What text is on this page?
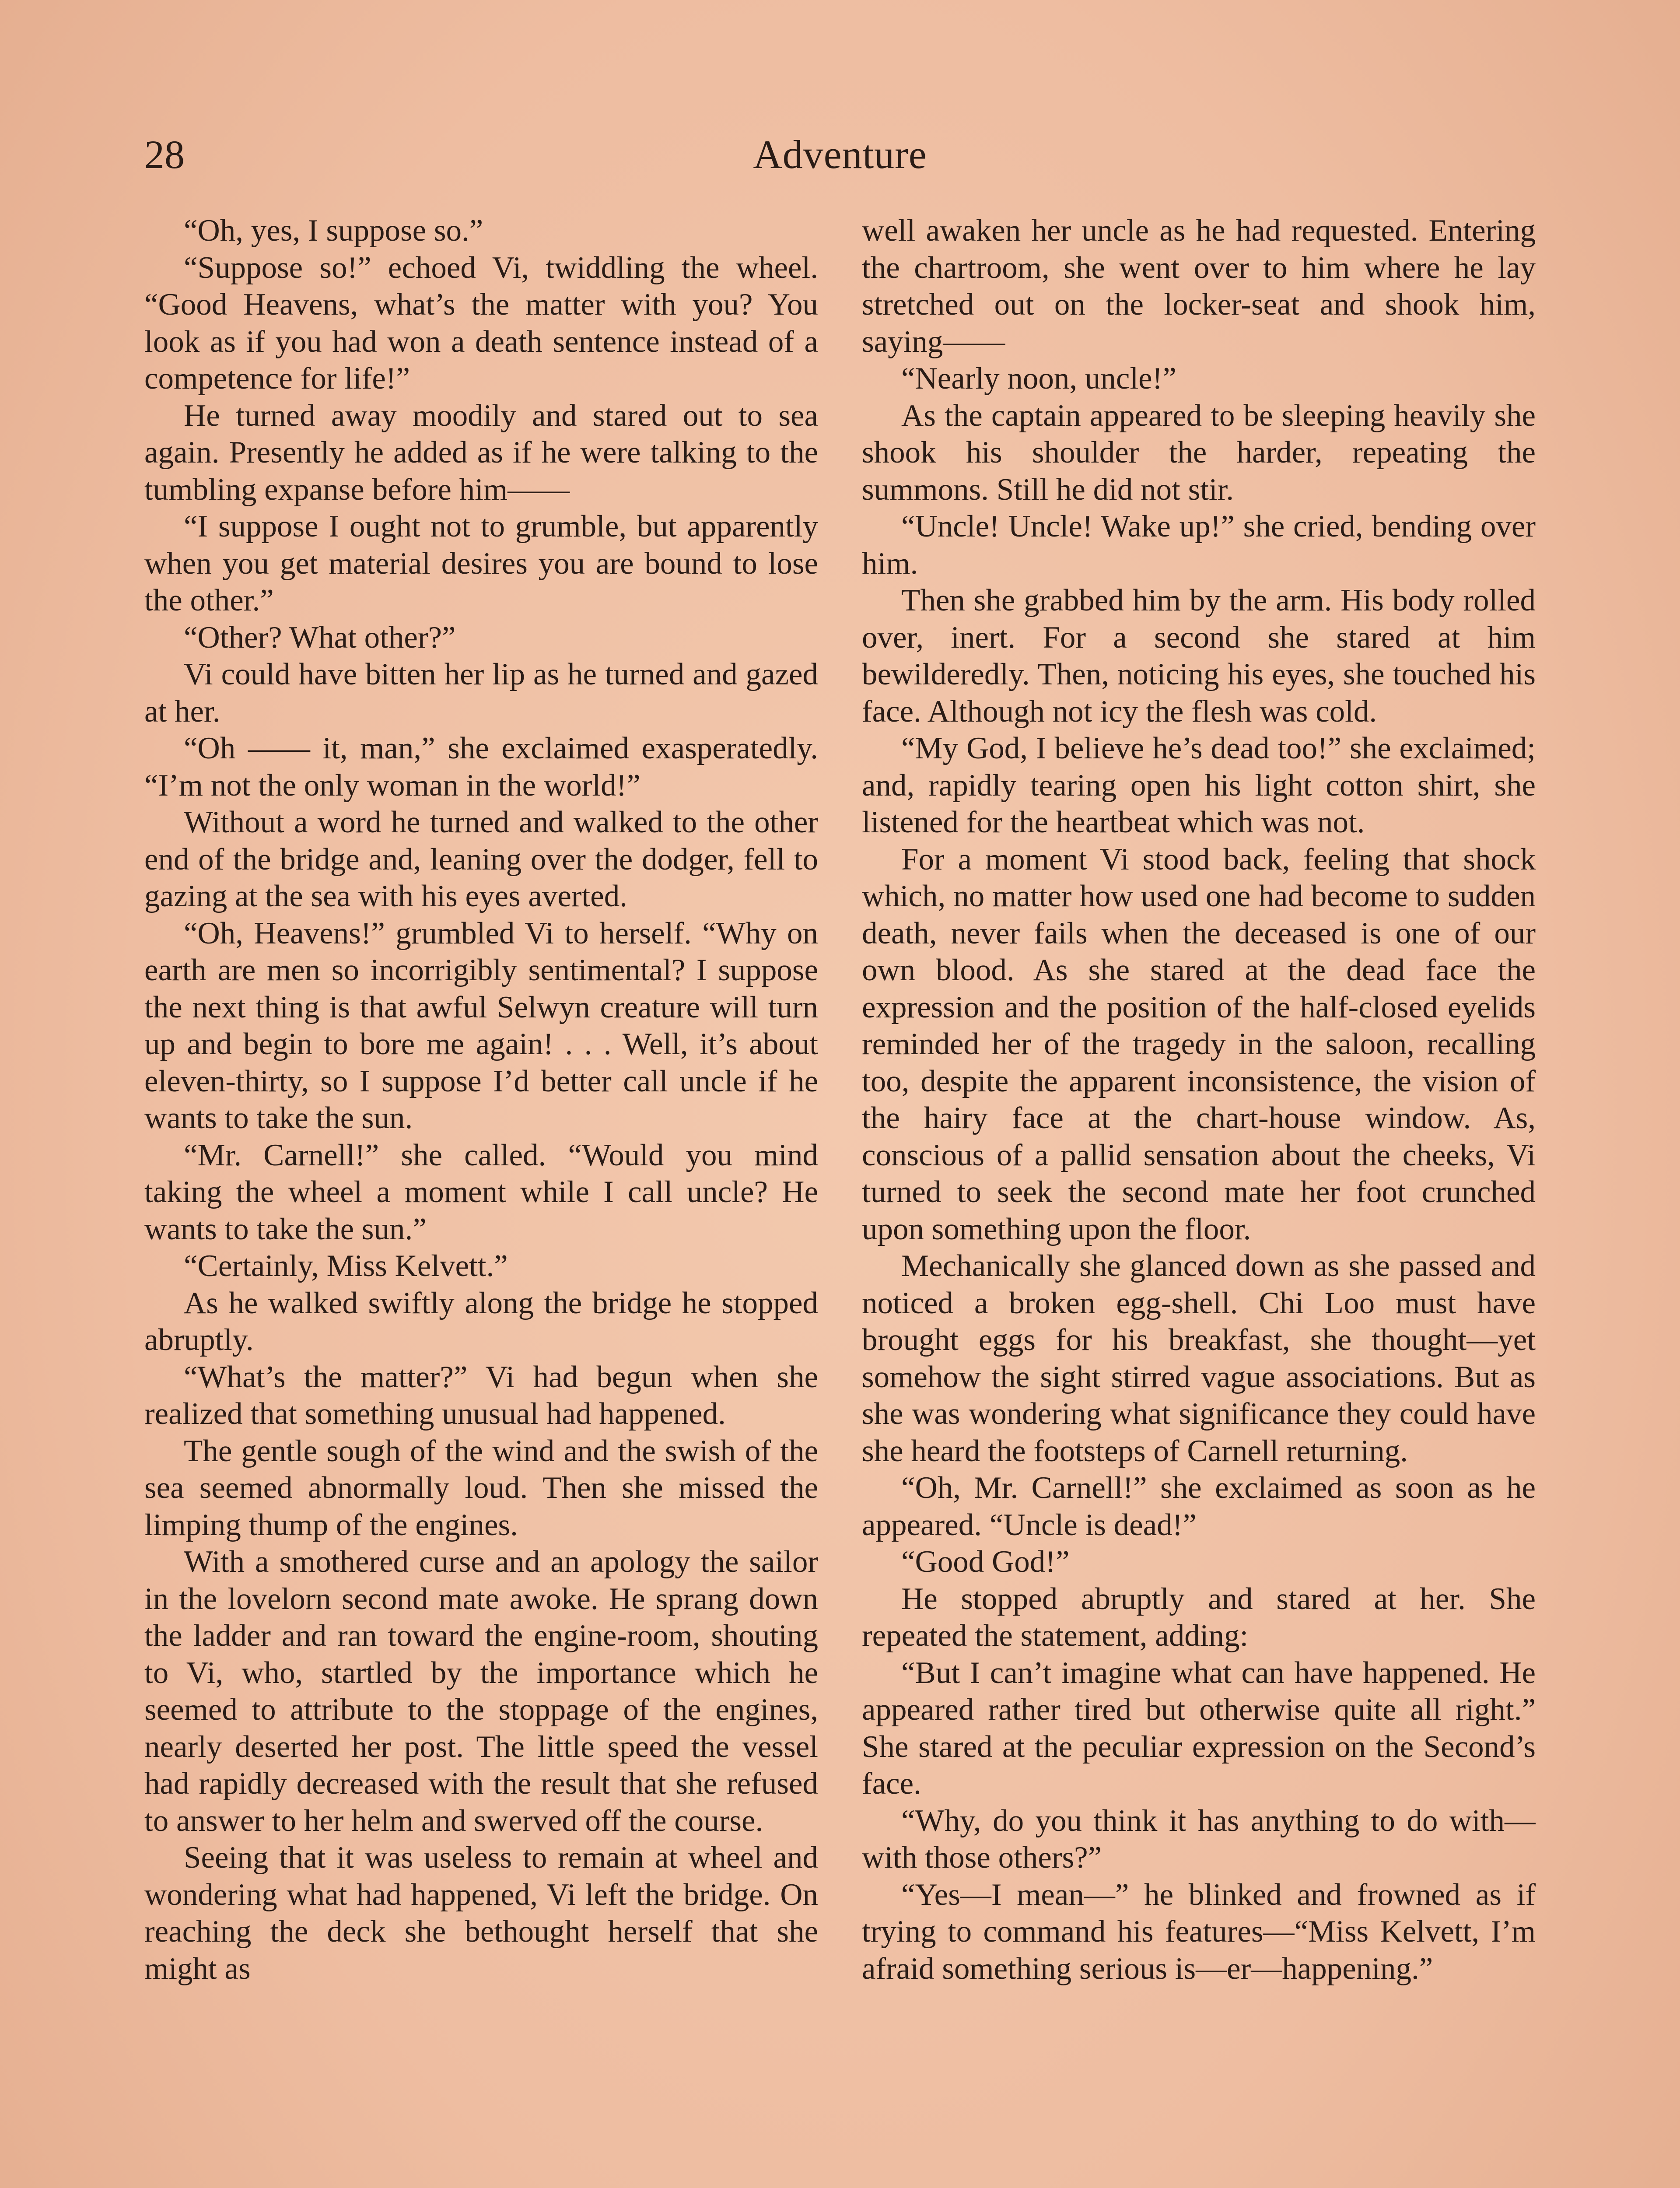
28	Adventure

“Oh, yes, I suppose so.”

“Suppose so!” echoed Vi, twiddling the wheel. “Good Heavens, what’s the matter with you? You look as if you had won a death sentence instead of a competence for life!”

He turned away moodily and stared out to sea again. Presently he added as if he were talking to the tumbling expanse before him——

“I suppose I ought not to grumble, but apparently when you get material desires you are bound to lose the other.”

“Other? What other?”

Vi could have bitten her lip as he turned and gazed at her.

“Oh —— it, man,” she exclaimed exasperatedly. “I’m not the only woman in the world!”

Without a word he turned and walked to the other end of the bridge and, leaning over the dodger, fell to gazing at the sea with his eyes averted.

“Oh, Heavens!” grumbled Vi to herself. “Why on earth are men so incorrigibly sentimental? I suppose the next thing is that awful Selwyn creature will turn up and begin to bore me again! . . . Well, it’s about eleven-thirty, so I suppose I’d better call uncle if he wants to take the sun.

“Mr. Carnell!” she called. “Would you mind taking the wheel a moment while I call uncle? He wants to take the sun.”

“Certainly, Miss Kelvett.”

As he walked swiftly along the bridge he stopped abruptly.

“What’s the matter?” Vi had begun when she realized that something unusual had happened.

The gentle sough of the wind and the swish of the sea seemed abnormally loud. Then she missed the limping thump of the engines.

With a smothered curse and an apology the sailor in the lovelorn second mate awoke. He sprang down the ladder and ran toward the engine-room, shouting to Vi, who, startled by the importance which he seemed to attribute to the stoppage of the engines, nearly deserted her post. The little speed the vessel had rapidly decreased with the result that she refused to answer to her helm and swerved off the course.

Seeing that it was useless to remain at wheel and wondering what had happened, Vi left the bridge. On reaching the deck she bethought herself that she might as

well awaken her uncle as he had requested. Entering the chartroom, she went over to him where he lay stretched out on the locker-seat and shook him, saying——

“Nearly noon, uncle!”

As the captain appeared to be sleeping heavily she shook his shoulder the harder, repeating the summons. Still he did not stir.

“Uncle! Uncle! Wake up!” she cried, bending over him.

Then she grabbed him by the arm. His body rolled over, inert. For a second she stared at him bewilderedly. Then, noticing his eyes, she touched his face. Although not icy the flesh was cold.

“My God, I believe he’s dead too!” she exclaimed; and, rapidly tearing open his light cotton shirt, she listened for the heartbeat which was not.

For a moment Vi stood back, feeling that shock which, no matter how used one had become to sudden death, never fails when the deceased is one of our own blood. As she stared at the dead face the expression and the position of the half-closed eyelids reminded her of the tragedy in the saloon, recalling too, despite the apparent inconsistence, the vision of the hairy face at the chart-house window. As, conscious of a pallid sensation about the cheeks, Vi turned to seek the second mate her foot crunched upon something upon the floor.

Mechanically she glanced down as she passed and noticed a broken egg-shell. Chi Loo must have brought eggs for his breakfast, she thought—yet somehow the sight stirred vague associations. But as she was wondering what significance they could have she heard the footsteps of Carnell returning.

“Oh, Mr. Carnell!” she exclaimed as soon as he appeared. “Uncle is dead!”

“Good God!”

He stopped abruptly and stared at her. She repeated the statement, adding:

“But I can’t imagine what can have happened. He appeared rather tired but otherwise quite all right.” She stared at the peculiar expression on the Second’s face.

“Why, do you think it has anything to do with—with those others?”

“Yes—I mean—” he blinked and frowned as if trying to command his features—“Miss Kelvett, I’m afraid something serious is—er—happening.”
